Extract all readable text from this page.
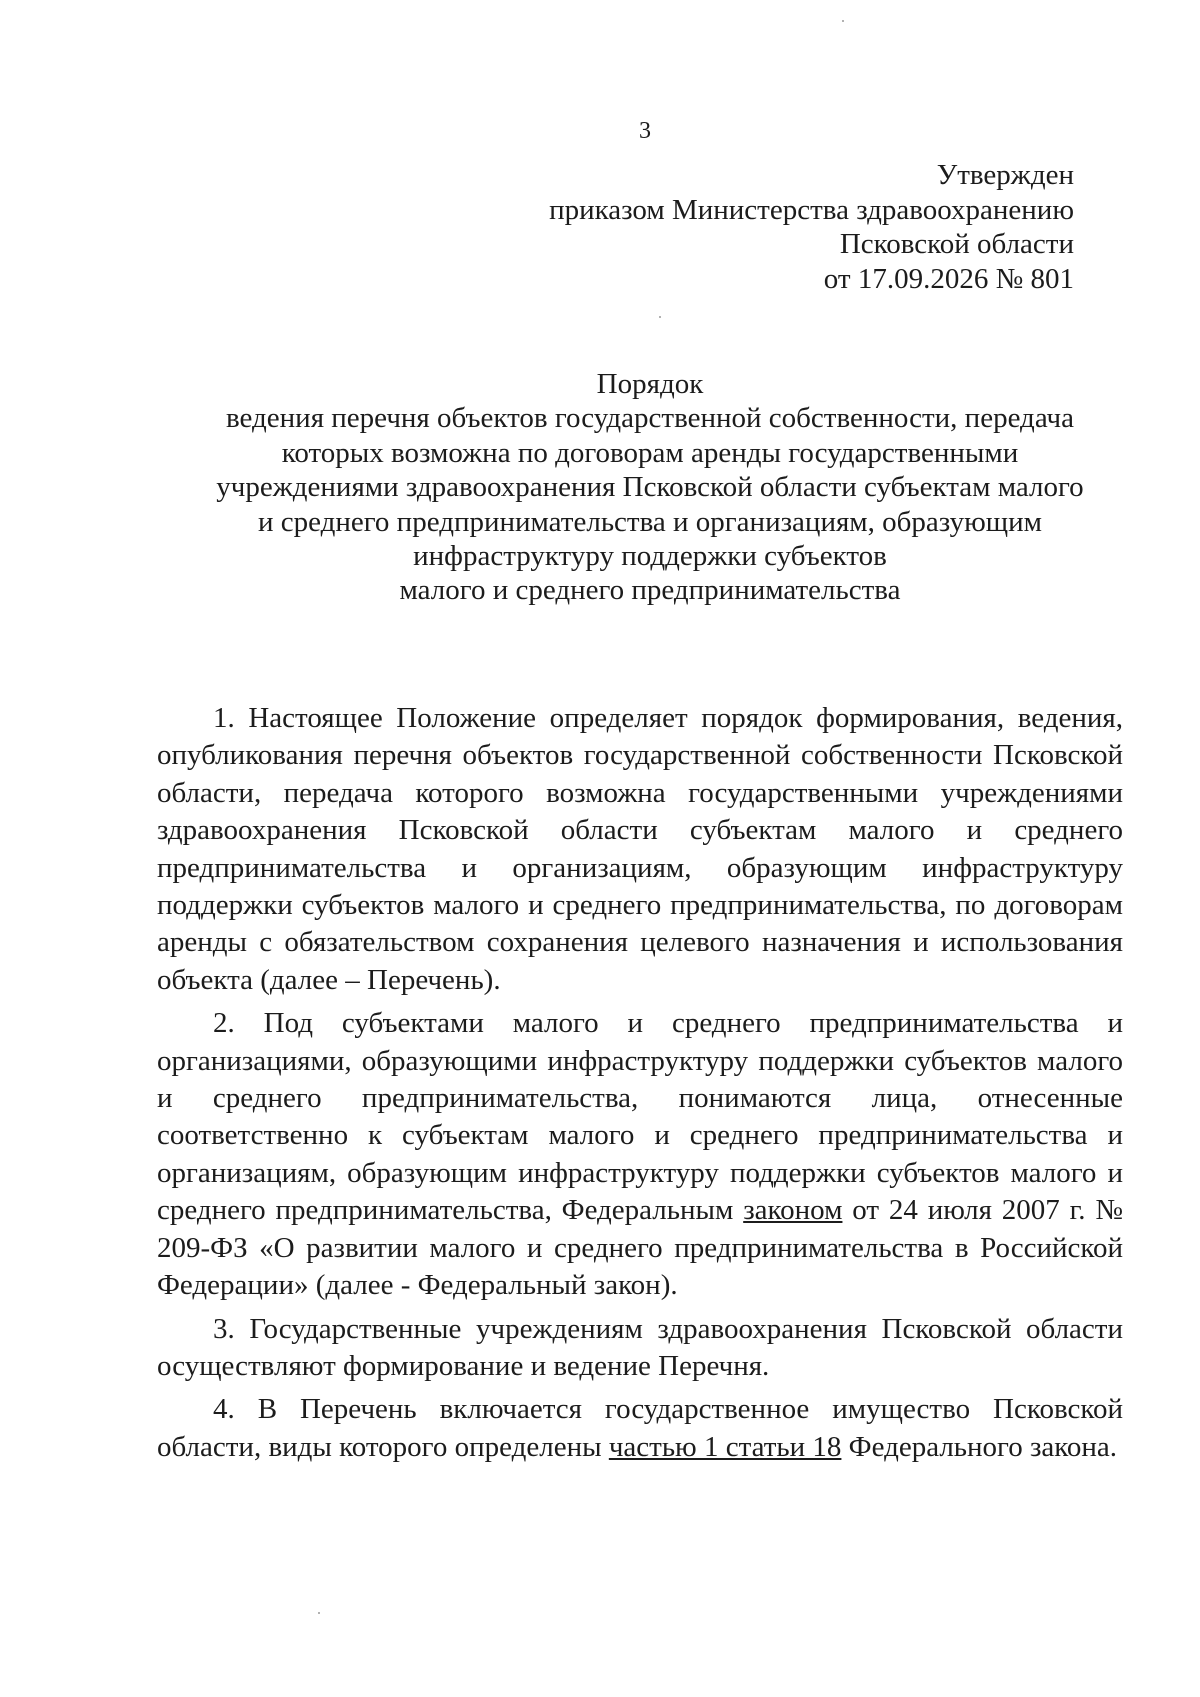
3
Утвержден
приказом Министерства здравоохранению
Псковской области
от 17.09.2026 № 801
Порядок
ведения перечня объектов государственной собственности, передача
которых возможна по договорам аренды государственными
учреждениями здравоохранения Псковской области субъектам малого
и среднего предпринимательства и организациям, образующим
инфраструктуру поддержки субъектов
малого и среднего предпринимательства

1. Настоящее Положение определяет порядок формирования, ведения, опубликования перечня объектов государственной собственности Псковской области, передача которого возможна государственными учреждениями здравоохранения Псковской области субъектам малого и среднего предпринимательства и организациям, образующим инфраструктуру поддержки субъектов малого и среднего предпринимательства, по договорам аренды с обязательством сохранения целевого назначения и использования объекта (далее – Перечень).

2. Под субъектами малого и среднего предпринимательства и организациями, образующими инфраструктуру поддержки субъектов малого и среднего предпринимательства, понимаются лица, отнесенные соответственно к субъектам малого и среднего предпринимательства и организациям, образующим инфраструктуру поддержки субъектов малого и среднего предпринимательства, Федеральным законом от 24 июля 2007 г. № 209-ФЗ «О развитии малого и среднего предпринимательства в Российской Федерации» (далее - Федеральный закон).

3. Государственные учреждениям здравоохранения Псковской области осуществляют формирование и ведение Перечня.

4. В Перечень включается государственное имущество Псковской области, виды которого определены частью 1 статьи 18 Федерального закона.
